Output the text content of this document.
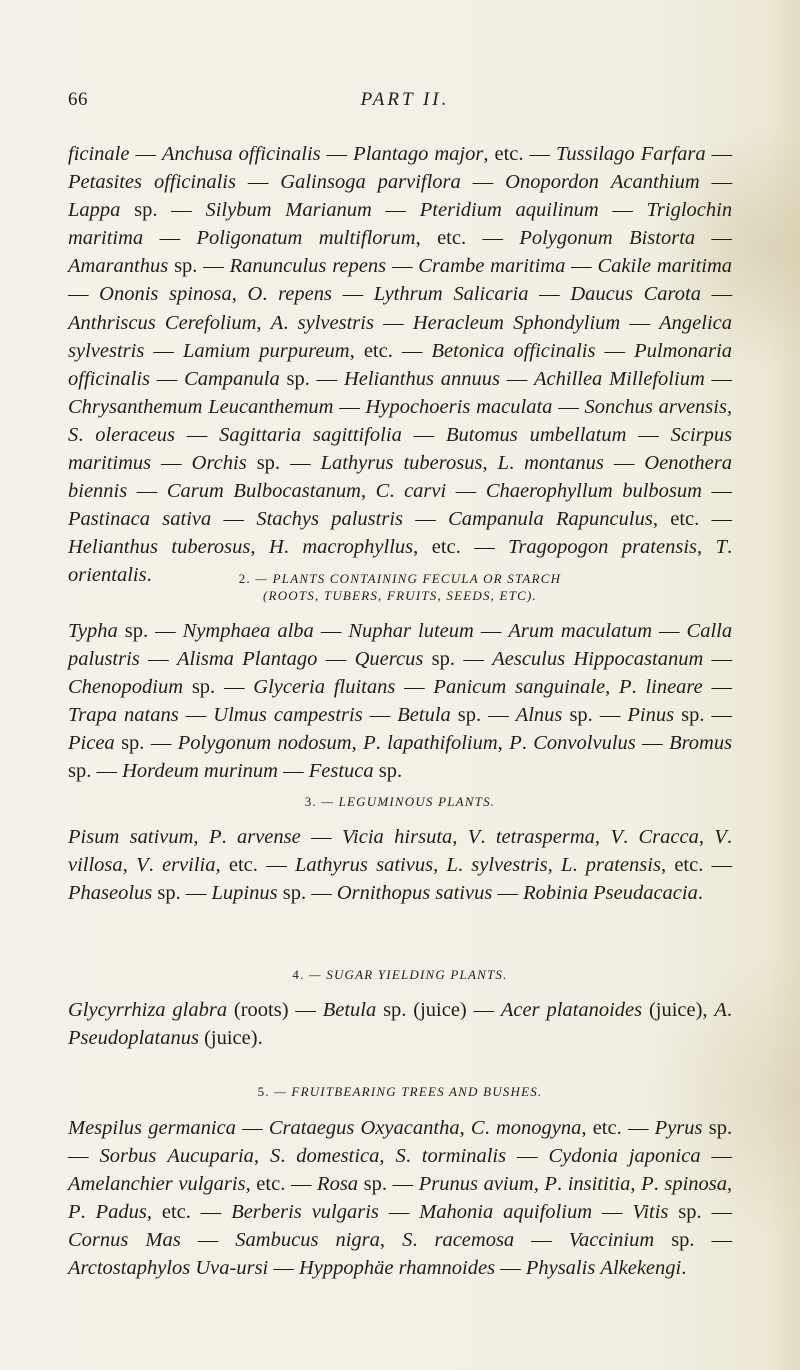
66	PART II.

ficinale — Anchusa officinalis — Plantago major, etc. — Tussilago Farfara — Petasites officinalis — Galinsoga parviflora — Onopordon Acanthium — Lappa sp. — Silybum Marianum — Pteridium aquilinum — Triglochin maritima — Poligonatum multiflorum, etc. — Polygonum Bistorta — Amaranthus sp. — Ranunculus repens — Crambe maritima — Cakile maritima — Ononis spinosa, O. repens — Lythrum Salicaria — Daucus Carota — Anthriscus Cerefolium, A. sylvestris — Heracleum Sphondylium — Angelica sylvestris — Lamium purpureum, etc. — Betonica officinalis — Pulmonaria officinalis — Campanula sp. — Helianthus annuus — Achillea Millefolium — Chrysanthemum Leucanthemum — Hypochoeris maculata — Sonchus arvensis, S. oleraceus — Sagittaria sagittifolia — Butomus umbellatum — Scirpus maritimus — Orchis sp. — Lathyrus tuberosus, L. montanus — Oenothera biennis — Carum Bulbocastanum, C. carvi — Chaerophyllum bulbosum — Pastinaca sativa — Stachys palustris — Campanula Rapunculus, etc. — Helianthus tuberosus, H. macrophyllus, etc. — Tragopogon pratensis, T. orientalis.	2. — PLANTS CONTAINING FECULA OR STARCH
(ROOTS, TUBERS, FRUITS, SEEDS, ETC).

Typha sp. — Nymphaea alba — Nuphar luteum — Arum maculatum — Calla palustris — Alisma Plantago — Quercus sp. — Aesculus Hippocastanum — Chenopodium sp. — Glyceria fluitans — Panicum sanguinale, P. lineare — Trapa natans — Ulmus campestris — Betula sp. — Alnus sp. — Pinus sp. — Picea sp. — Polygonum nodosum, P. lapathifolium, P. Convolvulus — Bromus sp. — Hordeum murinum — Festuca sp.

3. — LEGUMINOUS PLANTS.

Pisum sativum, P. arvense — Vicia hirsuta, V. tetrasperma, V. Cracca, V. villosa, V. ervilia, etc. — Lathyrus sativus, L. sylvestris, L. pratensis, etc. — Phaseolus sp. — Lupinus sp. — Ornithopus sativus — Robinia Pseudacacia.

4. — SUGAR YIELDING PLANTS.

Glycyrrhiza glabra (roots) — Betula sp. (juice) — Acer platanoides (juice), A. Pseudoplatanus (juice).

5. — FRUITBEARING TREES AND BUSHES.

Mespilus germanica — Crataegus Oxyacantha, C. monogyna, etc. — Pyrus sp. — Sorbus Aucuparia, S. domestica, S. torminalis — Cydonia japonica — Amelanchier vulgaris, etc. — Rosa sp. — Prunus avium, P. insititia, P. spinosa, P. Padus, etc. — Berberis vulgaris — Mahonia aquifolium — Vitis sp. — Cornus Mas — Sambucus nigra, S. racemosa — Vaccinium sp. — Arctostaphylos Uva-ursi — Hyppophäe rhamnoides — Physalis Alkekengi.
